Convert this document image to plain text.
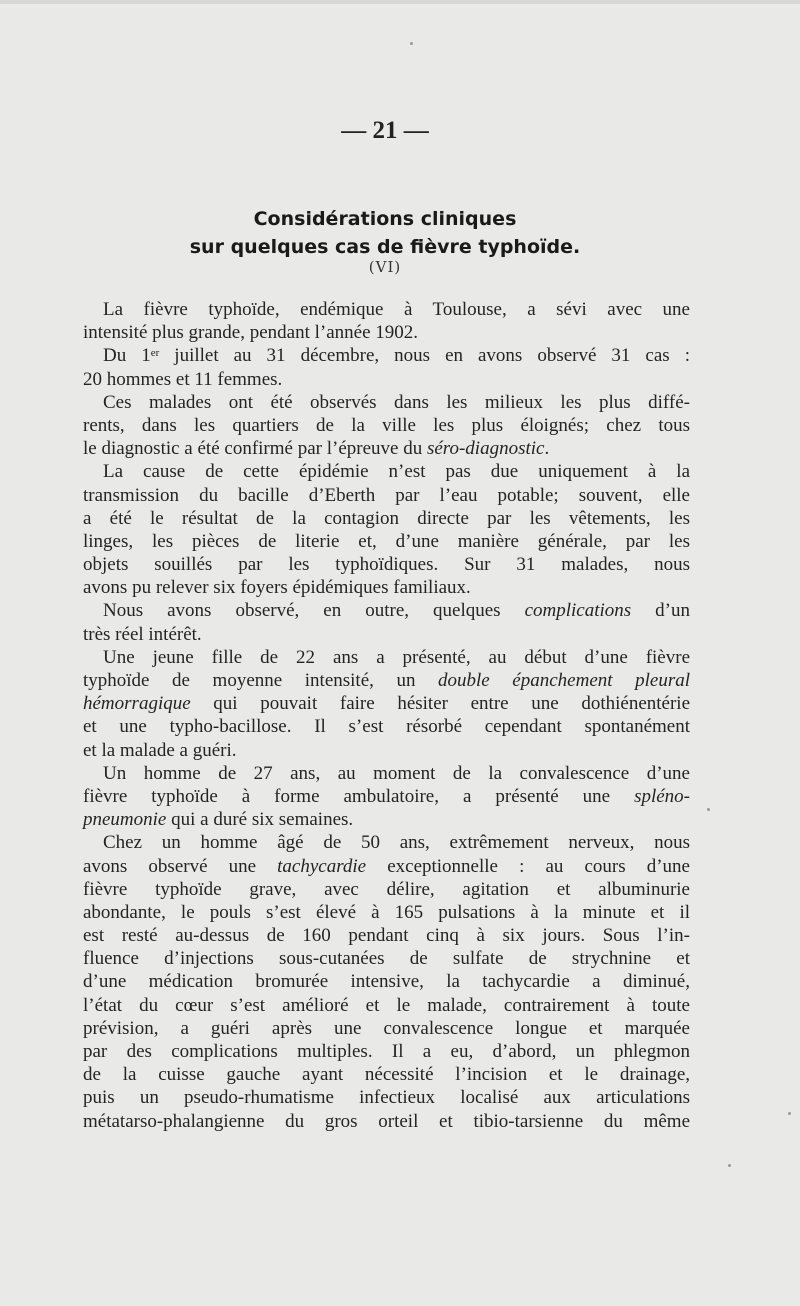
— 21 —
Considérations cliniques
sur quelques cas de fièvre typhoïde.
(VI)
La fièvre typhoïde, endémique à Toulouse, a sévi avec une
intensité plus grande, pendant l’année 1902.
Du 1er juillet au 31 décembre, nous en avons observé 31 cas :
20 hommes et 11 femmes.
Ces malades ont été observés dans les milieux les plus diffé-
rents, dans les quartiers de la ville les plus éloignés; chez tous
le diagnostic a été confirmé par l’épreuve du séro-diagnostic.
La cause de cette épidémie n’est pas due uniquement à la
transmission du bacille d’Eberth par l’eau potable; souvent, elle
a été le résultat de la contagion directe par les vêtements, les
linges, les pièces de literie et, d’une manière générale, par les
objets souillés par les typhoïdiques. Sur 31 malades, nous
avons pu relever six foyers épidémiques familiaux.
Nous avons observé, en outre, quelques complications d’un
très réel intérêt.
Une jeune fille de 22 ans a présenté, au début d’une fièvre
typhoïde de moyenne intensité, un double épanchement pleural
hémorragique qui pouvait faire hésiter entre une dothiénentérie
et une typho-bacillose. Il s’est résorbé cependant spontanément
et la malade a guéri.
Un homme de 27 ans, au moment de la convalescence d’une
fièvre typhoïde à forme ambulatoire, a présenté une spléno-
pneumonie qui a duré six semaines.
Chez un homme âgé de 50 ans, extrêmement nerveux, nous
avons observé une tachycardie exceptionnelle : au cours d’une
fièvre typhoïde grave, avec délire, agitation et albuminurie
abondante, le pouls s’est élevé à 165 pulsations à la minute et il
est resté au-dessus de 160 pendant cinq à six jours. Sous l’in-
fluence d’injections sous-cutanées de sulfate de strychnine et
d’une médication bromurée intensive, la tachycardie a diminué,
l’état du cœur s’est amélioré et le malade, contrairement à toute
prévision, a guéri après une convalescence longue et marquée
par des complications multiples. Il a eu, d’abord, un phlegmon
de la cuisse gauche ayant nécessité l’incision et le drainage,
puis un pseudo-rhumatisme infectieux localisé aux articulations
métatarso-phalangienne du gros orteil et tibio-tarsienne du même
